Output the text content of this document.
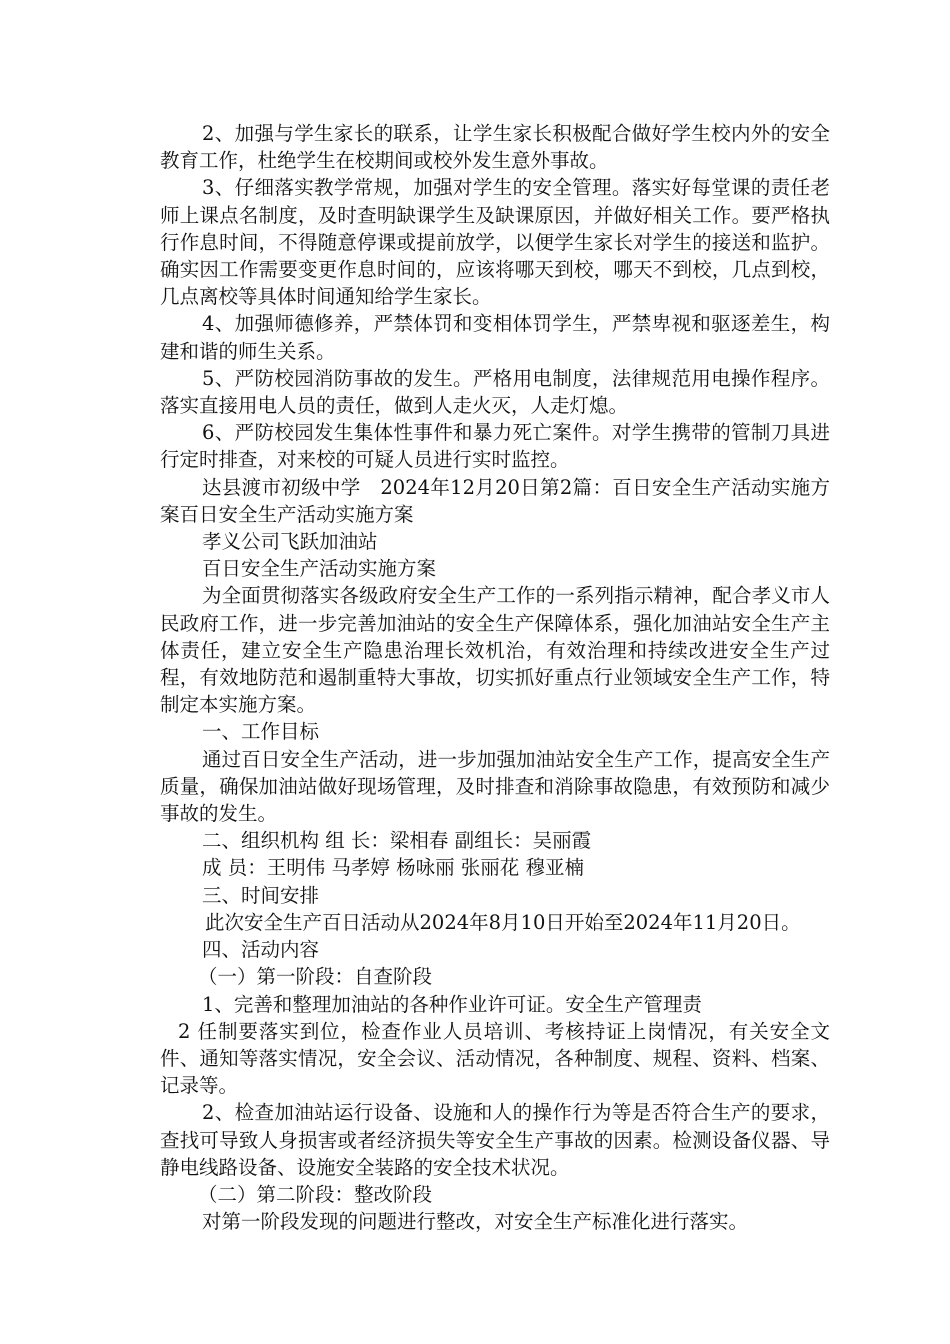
2、加强与学生家长的联系，让学生家长积极配合做好学生校内外的安全教育工作，杜绝学生在校期间或校外发生意外事故。

3、仔细落实教学常规，加强对学生的安全管理。落实好每堂课的责任老师上课点名制度，及时查明缺课学生及缺课原因，并做好相关工作。要严格执行作息时间，不得随意停课或提前放学，以便学生家长对学生的接送和监护。确实因工作需要变更作息时间的，应该将哪天到校，哪天不到校，几点到校，几点离校等具体时间通知给学生家长。

4、加强师德修养，严禁体罚和变相体罚学生，严禁卑视和驱逐差生，构建和谐的师生关系。

5、严防校园消防事故的发生。严格用电制度，法律规范用电操作程序。落实直接用电人员的责任，做到人走火灭，人走灯熄。

6、严防校园发生集体性事件和暴力死亡案件。对学生携带的管制刀具进行定时排查，对来校的可疑人员进行实时监控。

达县渡市初级中学　2024年12月20日第2篇：百日安全生产活动实施方案百日安全生产活动实施方案

孝义公司飞跃加油站

百日安全生产活动实施方案

为全面贯彻落实各级政府安全生产工作的一系列指示精神，配合孝义市人民政府工作，进一步完善加油站的安全生产保障体系，强化加油站安全生产主体责任，建立安全生产隐患治理长效机治，有效治理和持续改进安全生产过程，有效地防范和遏制重特大事故，切实抓好重点行业领域安全生产工作，特制定本实施方案。

一、工作目标

通过百日安全生产活动，进一步加强加油站安全生产工作，提高安全生产质量，确保加油站做好现场管理，及时排查和消除事故隐患，有效预防和减少事故的发生。

二、组织机构 组 长：梁相春 副组长：吴丽霞

成 员：王明伟 马孝婷 杨咏丽 张丽花 穆亚楠

三、时间安排

此次安全生产百日活动从2024年8月10日开始至2024年11月20日。

四、活动内容

（一）第一阶段：自查阶段

1、完善和整理加油站的各种作业许可证。安全生产管理责

2 任制要落实到位，检查作业人员培训、考核持证上岗情况，有关安全文件、通知等落实情况，安全会议、活动情况，各种制度、规程、资料、档案、记录等。

2、检查加油站运行设备、设施和人的操作行为等是否符合生产的要求，查找可导致人身损害或者经济损失等安全生产事故的因素。检测设备仪器、导静电线路设备、设施安全装路的安全技术状况。

（二）第二阶段：整改阶段

对第一阶段发现的问题进行整改，对安全生产标准化进行落实。
